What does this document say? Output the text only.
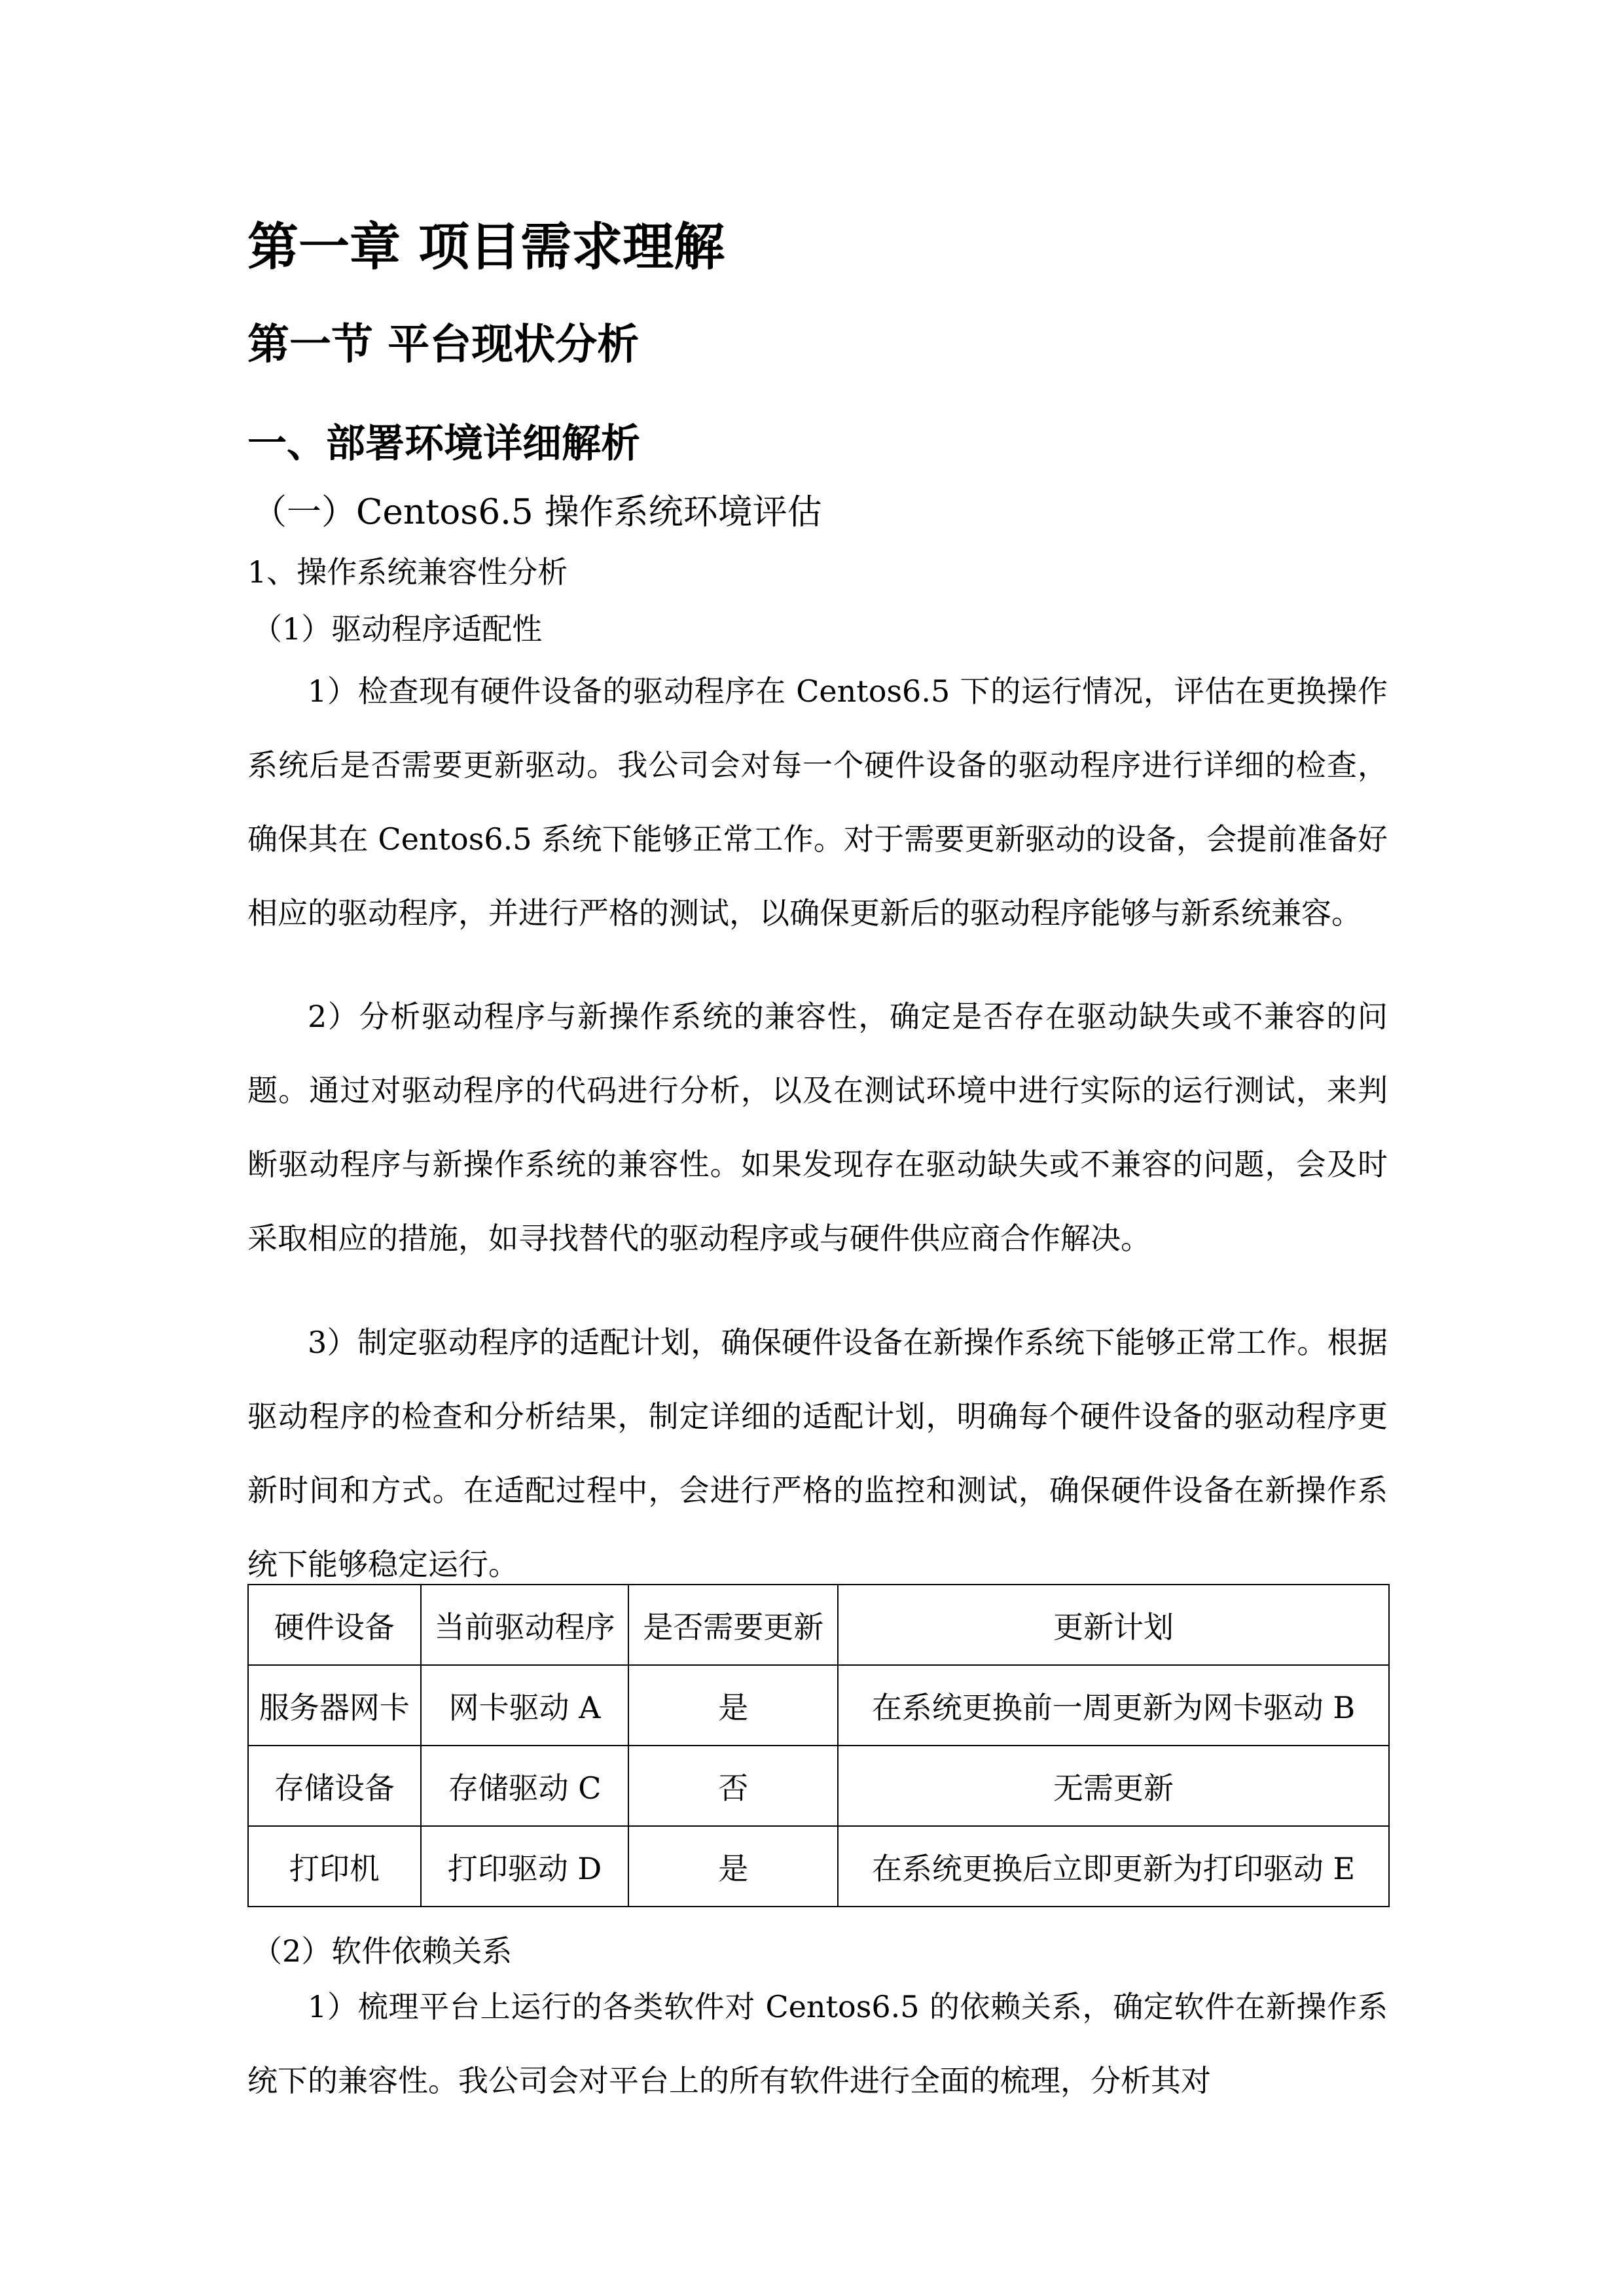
第一章 项目需求理解
第一节 平台现状分析
一、部署环境详细解析
（一）Centos6.5 操作系统环境评估
1、操作系统兼容性分析
（1）驱动程序适配性

1）检查现有硬件设备的驱动程序在 Centos6.5 下的运行情况，评估在更换操作系统后是否需要更新驱动。我公司会对每一个硬件设备的驱动程序进行详细的检查，确保其在 Centos6.5 系统下能够正常工作。对于需要更新驱动的设备，会提前准备好相应的驱动程序，并进行严格的测试，以确保更新后的驱动程序能够与新系统兼容。

2）分析驱动程序与新操作系统的兼容性，确定是否存在驱动缺失或不兼容的问题。通过对驱动程序的代码进行分析，以及在测试环境中进行实际的运行测试，来判断驱动程序与新操作系统的兼容性。如果发现存在驱动缺失或不兼容的问题，会及时采取相应的措施，如寻找替代的驱动程序或与硬件供应商合作解决。

3）制定驱动程序的适配计划，确保硬件设备在新操作系统下能够正常工作。根据驱动程序的检查和分析结果，制定详细的适配计划，明确每个硬件设备的驱动程序更新时间和方式。在适配过程中，会进行严格的监控和测试，确保硬件设备在新操作系统下能够稳定运行。

硬件设备	当前驱动程序	是否需要更新	更新计划
服务器网卡	网卡驱动 A	是	在系统更换前一周更新为网卡驱动 B
存储设备	存储驱动 C	否	无需更新
打印机	打印驱动 D	是	在系统更换后立即更新为打印驱动 E
（2）软件依赖关系

1）梳理平台上运行的各类软件对 Centos6.5 的依赖关系，确定软件在新操作系统下的兼容性。我公司会对平台上的所有软件进行全面的梳理，分析其对
